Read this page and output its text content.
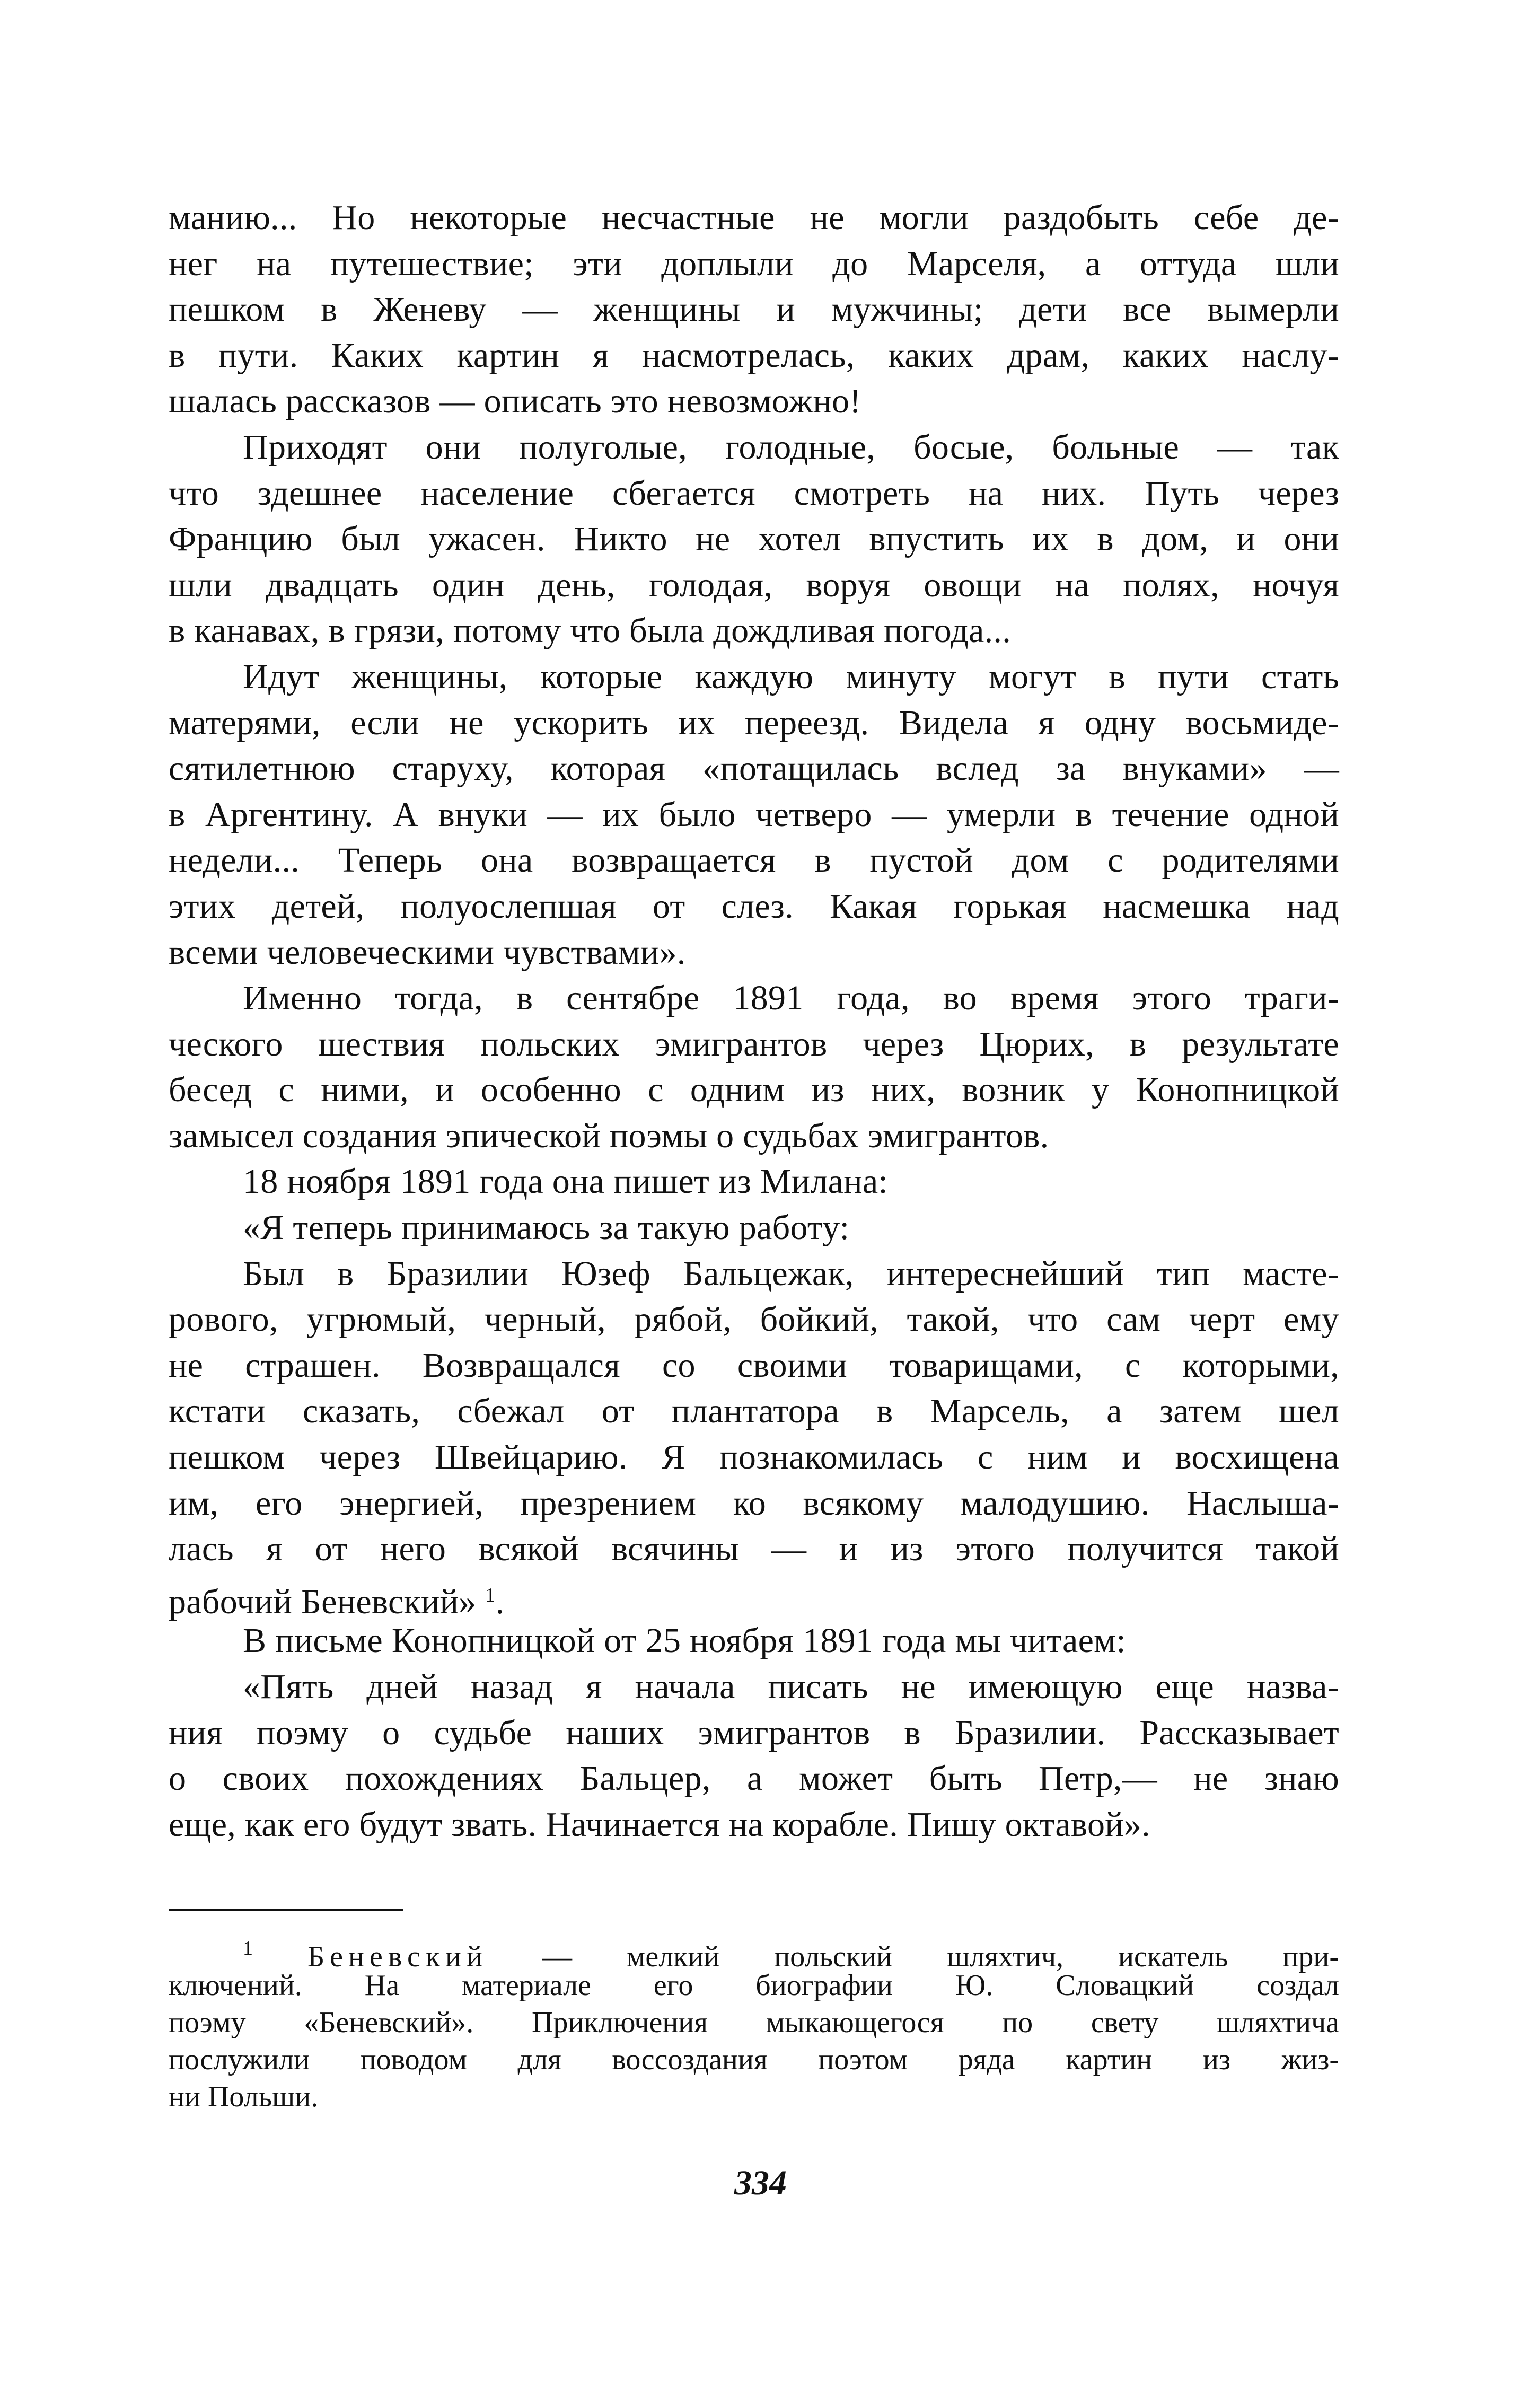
манию... Но некоторые несчастные не могли раздобыть себе де-
нег на путешествие; эти доплыли до Марселя, а оттуда шли
пешком в Женеву — женщины и мужчины; дети все вымерли
в пути. Каких картин я насмотрелась, каких драм, каких наслу-
шалась рассказов — описать это невозможно!
Приходят они полуголые, голодные, босые, больные — так
что здешнее население сбегается смотреть на них. Путь через
Францию был ужасен. Никто не хотел впустить их в дом, и они
шли двадцать один день, голодая, воруя овощи на полях, ночуя
в канавах, в грязи, потому что была дождливая погода...
Идут женщины, которые каждую минуту могут в пути стать
матерями, если не ускорить их переезд. Видела я одну восьмиде-
сятилетнюю старуху, которая «потащилась вслед за внуками» —
в Аргентину. А внуки — их было четверо — умерли в течение одной
недели... Теперь она возвращается в пустой дом с родителями
этих детей, полуослепшая от слез. Какая горькая насмешка над
всеми человеческими чувствами».
Именно тогда, в сентябре 1891 года, во время этого траги-
ческого шествия польских эмигрантов через Цюрих, в результате
бесед с ними, и особенно с одним из них, возник у Конопницкой
замысел создания эпической поэмы о судьбах эмигрантов.
18 ноября 1891 года она пишет из Милана:
«Я теперь принимаюсь за такую работу:
Был в Бразилии Юзеф Бальцежак, интереснейший тип масте-
рового, угрюмый, черный, рябой, бойкий, такой, что сам черт ему
не страшен. Возвращался со своими товарищами, с которыми,
кстати сказать, сбежал от плантатора в Марсель, а затем шел
пешком через Швейцарию. Я познакомилась с ним и восхищена
им, его энергией, презрением ко всякому малодушию. Наслыша-
лась я от него всякой всячины — и из этого получится такой
рабочий Беневский» $^1$.
В письме Конопницкой от 25 ноября 1891 года мы читаем:
«Пять дней назад я начала писать не имеющую еще назва-
ния поэму о судьбе наших эмигрантов в Бразилии. Рассказывает
о своих похождениях Бальцер, а может быть Петр,— не знаю
еще, как его будут звать. Начинается на корабле. Пишу октавой».
$^1$ Беневский — мелкий польский шляхтич, искатель при-
ключений. На материале его биографии Ю. Словацкий создал
поэму «Беневский». Приключения мыкающегося по свету шляхтича
послужили поводом для воссоздания поэтом ряда картин из жиз-
ни Польши.
334
